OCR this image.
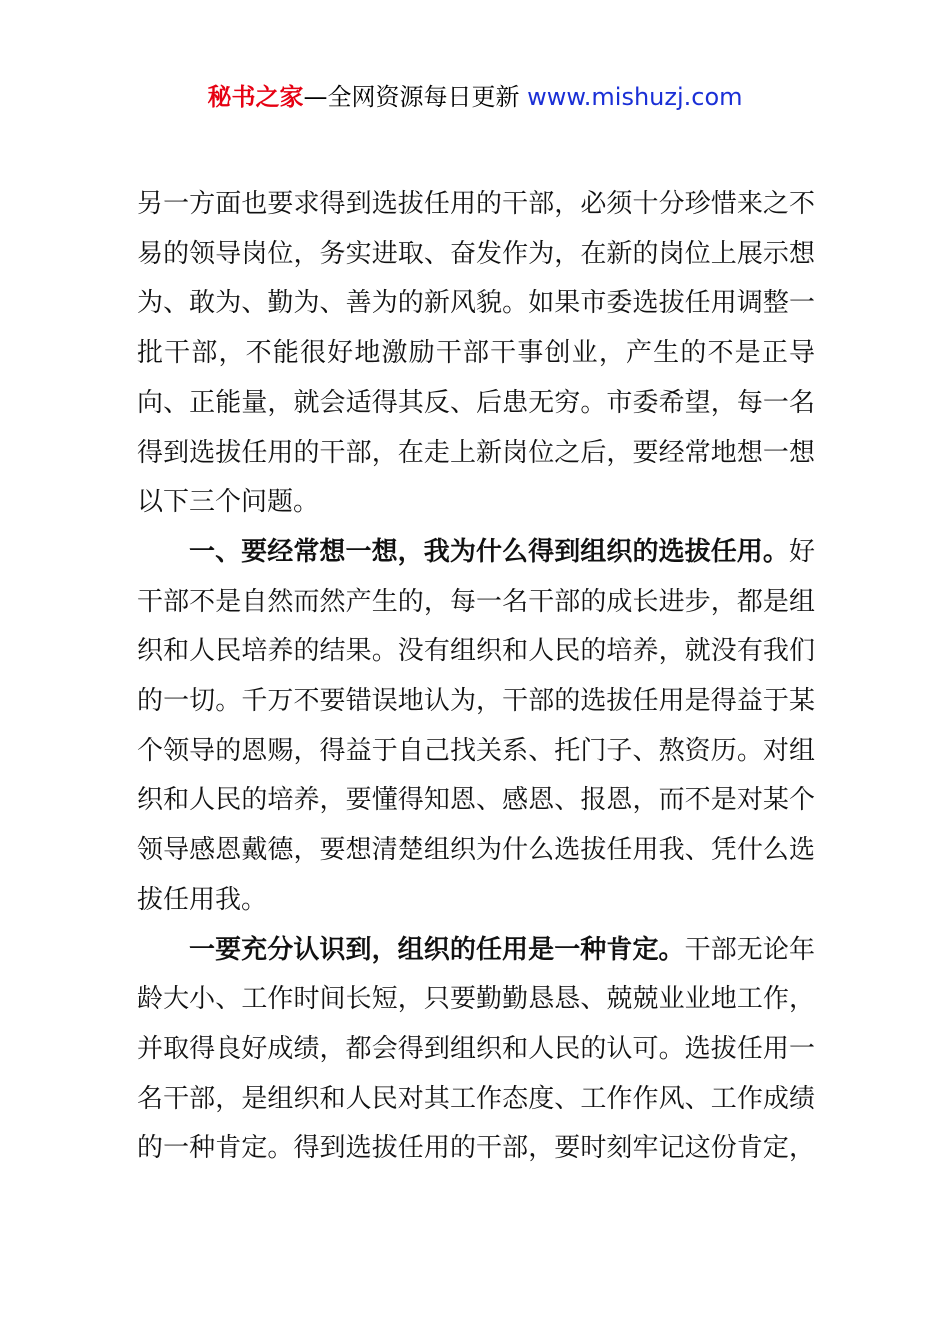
秘书之家—全网资源每日更新 www.mishuzj.com
另一方面也要求得到选拔任用的干部，必须十分珍惜来之不
易的领导岗位，务实进取、奋发作为，在新的岗位上展示想
为、敢为、勤为、善为的新风貌。如果市委选拔任用调整一
批干部，不能很好地激励干部干事创业，产生的不是正导
向、正能量，就会适得其反、后患无穷。市委希望，每一名
得到选拔任用的干部，在走上新岗位之后，要经常地想一想
以下三个问题。
一、要经常想一想，我为什么得到组织的选拔任用。好
干部不是自然而然产生的，每一名干部的成长进步，都是组
织和人民培养的结果。没有组织和人民的培养，就没有我们
的一切。千万不要错误地认为，干部的选拔任用是得益于某
个领导的恩赐，得益于自己找关系、托门子、熬资历。对组
织和人民的培养，要懂得知恩、感恩、报恩，而不是对某个
领导感恩戴德，要想清楚组织为什么选拔任用我、凭什么选
拔任用我。
一要充分认识到，组织的任用是一种肯定。干部无论年
龄大小、工作时间长短，只要勤勤恳恳、兢兢业业地工作，
并取得良好成绩，都会得到组织和人民的认可。选拔任用一
名干部，是组织和人民对其工作态度、工作作风、工作成绩
的一种肯定。得到选拔任用的干部，要时刻牢记这份肯定，
